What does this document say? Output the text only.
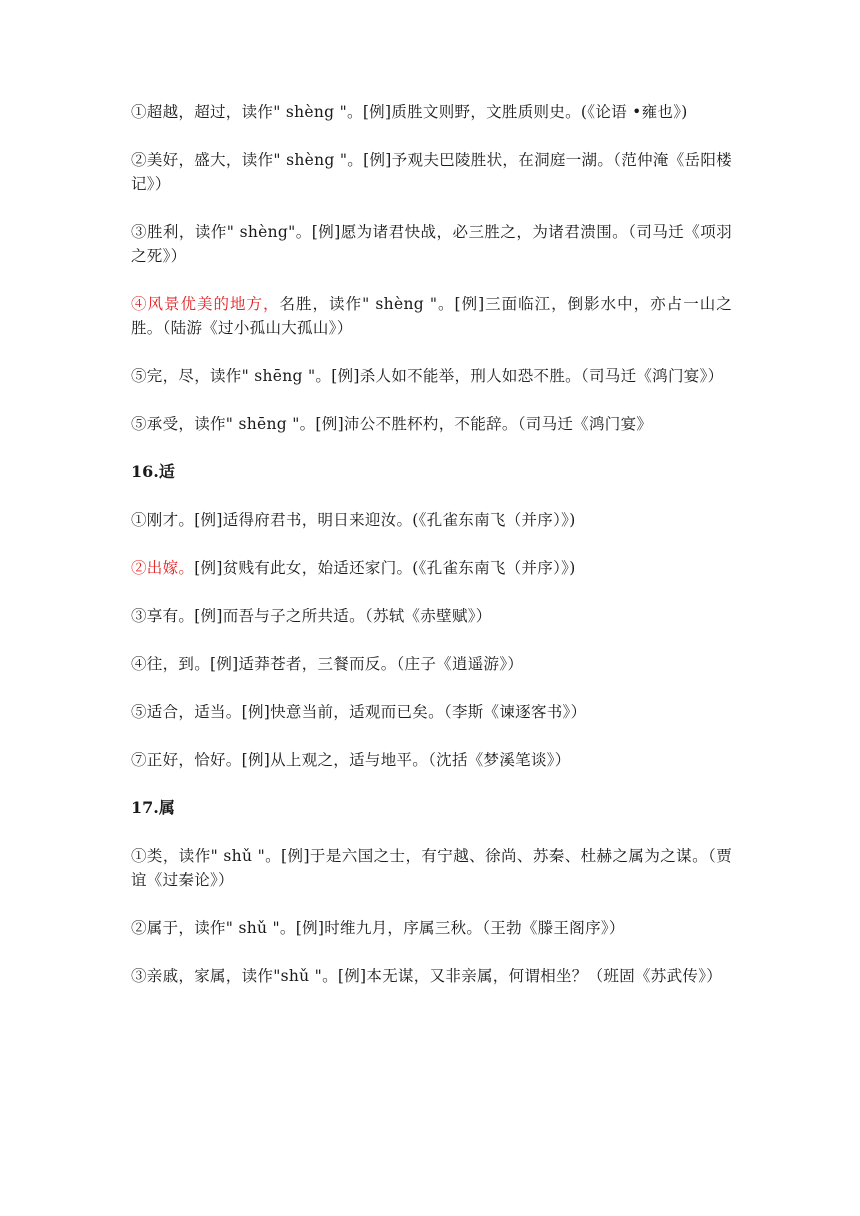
①超越，超过，读作" shèng "。[例]质胜文则野，文胜质则史。(《论语 •雍也》)

②美好，盛大，读作" shèng "。[例]予观夫巴陵胜状，在洞庭一湖。（范仲淹《岳阳楼记》）

③胜利，读作" shèng"。[例]愿为诸君快战，必三胜之，为诸君溃围。（司马迁《项羽之死》）

④风景优美的地方，名胜，读作" shèng "。[例]三面临江，倒影水中，亦占一山之胜。（陆游《过小孤山大孤山》）

⑤完，尽，读作" shēng "。[例]杀人如不能举，刑人如恐不胜。（司马迁《鸿门宴》）

⑤承受，读作" shēng "。[例]沛公不胜杯杓，不能辞。（司马迁《鸿门宴》

16.适

①刚才。[例]适得府君书，明日来迎汝。(《孔雀东南飞（并序）》)

②出嫁。[例]贫贱有此女，始适还家门。(《孔雀东南飞（并序）》)

③享有。[例]而吾与子之所共适。（苏轼《赤壁赋》）

④往，到。[例]适莽苍者，三餐而反。（庄子《逍遥游》）

⑤适合，适当。[例]快意当前，适观而已矣。（李斯《谏逐客书》）

⑦正好，恰好。[例]从上观之，适与地平。（沈括《梦溪笔谈》）

17.属

①类，读作" shǔ "。[例]于是六国之士，有宁越、徐尚、苏秦、杜赫之属为之谋。（贾谊《过秦论》）

②属于，读作" shǔ "。[例]时维九月，序属三秋。（王勃《滕王阁序》）

③亲戚，家属，读作"shǔ "。[例]本无谋，又非亲属，何谓相坐？（班固《苏武传》）
